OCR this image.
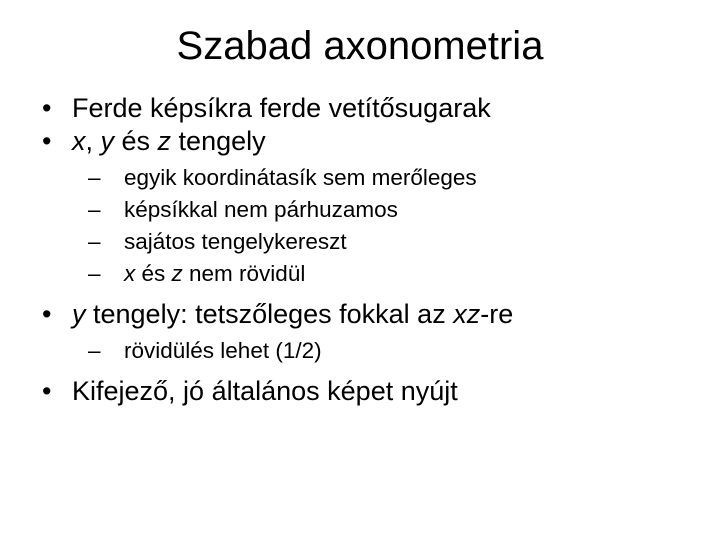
Szabad axonometria
• Ferde képsíkra ferde vetítősugarak
• x, y és z tengely
– egyik koordinátasík sem merőleges
– képsíkkal nem párhuzamos
– sajátos tengelykereszt
– x és z nem rövidül
• y tengely: tetszőleges fokkal az xz-re
– rövidülés lehet (1/2)
• Kifejező, jó általános képet nyújt
